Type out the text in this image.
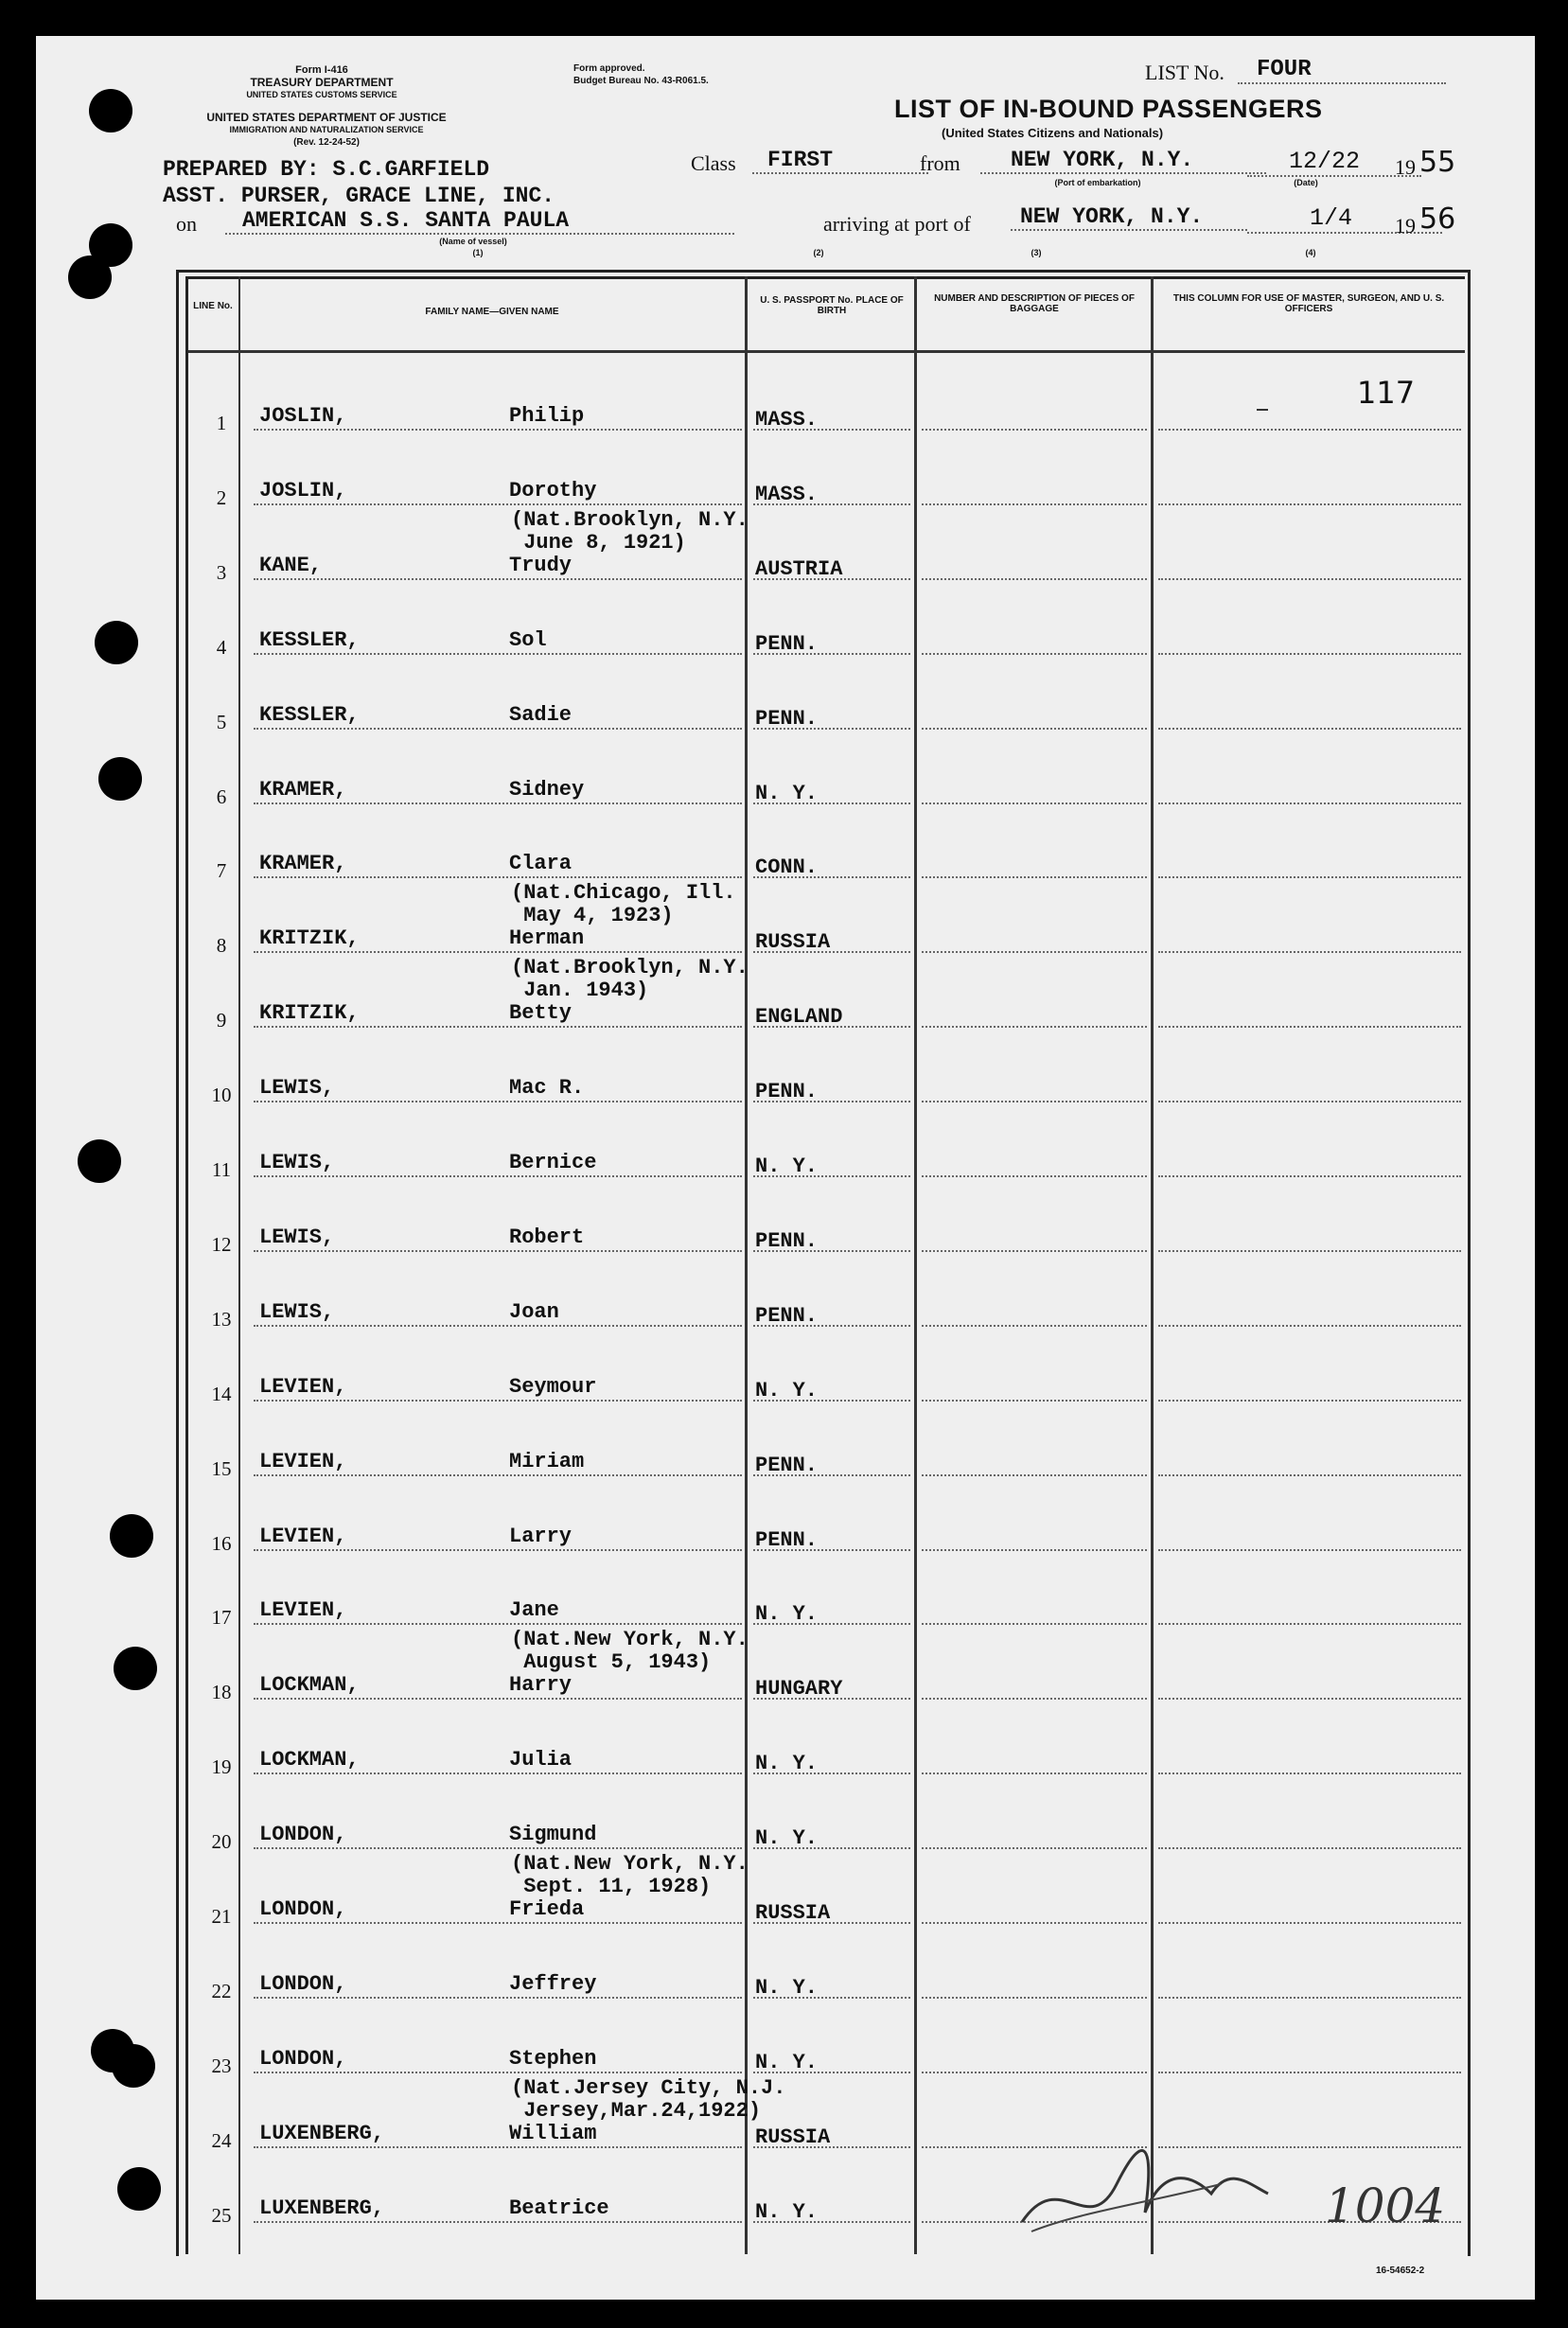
Form I-416
TREASURY DEPARTMENT
UNITED STATES CUSTOMS SERVICE
UNITED STATES DEPARTMENT OF JUSTICE
IMMIGRATION AND NATURALIZATION SERVICE
(Rev. 12-24-52)
Form approved.
Budget Bureau No. 43-R061.5.	LIST No.	FOUR
LIST OF IN-BOUND PASSENGERS
(United States Citizens and Nationals)
PREPARED BY: S.C.GARFIELD
ASST. PURSER, GRACE LINE, INC.
on	AMERICAN S.S. SANTA PAULA
(Name of vessel)
(1)
Class	FIRST	from	NEW YORK, N.Y.
(Port of embarkation)
12/22
(Date)
19 55
arriving at port of	NEW YORK, N.Y.	1/4	19 56
(2)	(3)	(4)
LINE No.
FAMILY NAME—GIVEN NAME
U. S. PASSPORT No. PLACE OF BIRTH
NUMBER AND DESCRIPTION OF PIECES OF BAGGAGE
THIS COLUMN FOR USE OF MASTER, SURGEON, AND U. S. OFFICERS
1	JOSLIN,	Philip	MASS.
2	JOSLIN,	Dorothy	MASS.
(Nat.Brooklyn, N.Y.
June 8, 1921)
3	KANE,	Trudy	AUSTRIA
4	KESSLER,	Sol	PENN.
5	KESSLER,	Sadie	PENN.
6	KRAMER,	Sidney	N. Y.
7	KRAMER,	Clara	CONN.
(Nat.Chicago, Ill.
May 4, 1923)
8	KRITZIK,	Herman	RUSSIA
(Nat.Brooklyn, N.Y.
Jan. 1943)
9	KRITZIK,	Betty	ENGLAND
10	LEWIS,	Mac R.	PENN.
11	LEWIS,	Bernice	N. Y.
12	LEWIS,	Robert	PENN.
13	LEWIS,	Joan	PENN.
14	LEVIEN,	Seymour	N. Y.
15	LEVIEN,	Miriam	PENN.
16	LEVIEN,	Larry	PENN.
17	LEVIEN,	Jane	N. Y.
(Nat.New York, N.Y.
August 5, 1943)
18	LOCKMAN,	Harry	HUNGARY
19	LOCKMAN,	Julia	N. Y.
20	LONDON,	Sigmund	N. Y.
(Nat.New York, N.Y.
Sept. 11, 1928)
21	LONDON,	Frieda	RUSSIA
22	LONDON,	Jeffrey	N. Y.
23	LONDON,	Stephen	N. Y.
(Nat.Jersey City, N.J.
Jersey,Mar.24,1922)
24	LUXENBERG,	William	RUSSIA
25	LUXENBERG,	Beatrice	N. Y.
117
1004
16-54652-2
